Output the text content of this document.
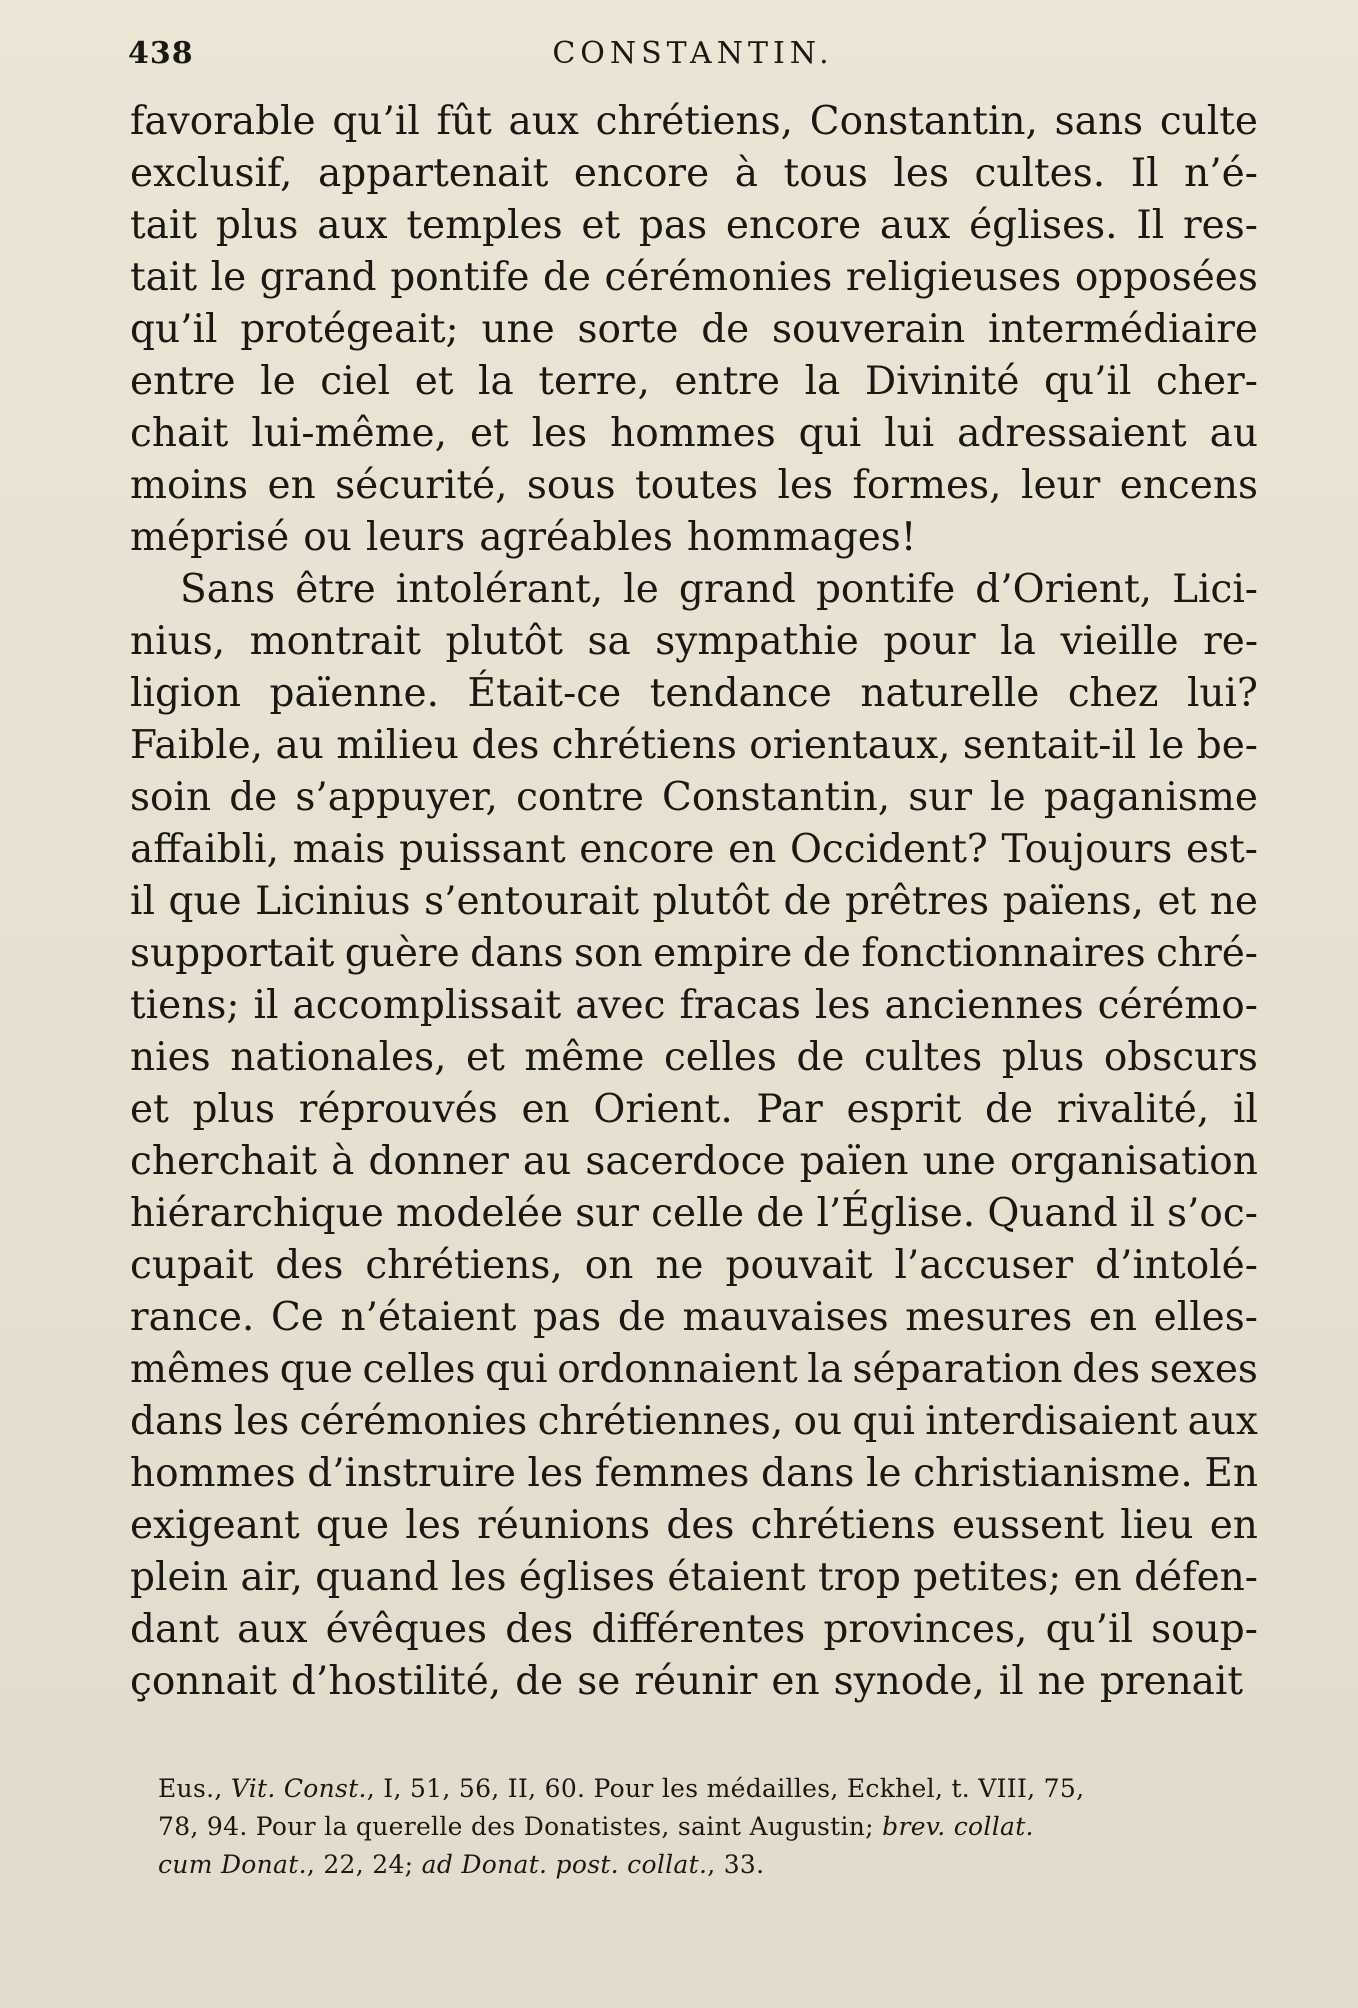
438	CONSTANTIN.
favorable qu’il fût aux chrétiens, Constantin, sans culte
exclusif, appartenait encore à tous les cultes. Il n’é-
tait plus aux temples et pas encore aux églises. Il res-
tait le grand pontife de cérémonies religieuses opposées
qu’il protégeait; une sorte de souverain intermédiaire
entre le ciel et la terre, entre la Divinité qu’il cher-
chait lui-même, et les hommes qui lui adressaient au
moins en sécurité, sous toutes les formes, leur encens
méprisé ou leurs agréables hommages!
Sans être intolérant, le grand pontife d’Orient, Lici-
nius, montrait plutôt sa sympathie pour la vieille re-
ligion païenne. Était-ce tendance naturelle chez lui?
Faible, au milieu des chrétiens orientaux, sentait-il le be-
soin de s’appuyer, contre Constantin, sur le paganisme
affaibli, mais puissant encore en Occident? Toujours est-
il que Licinius s’entourait plutôt de prêtres païens, et ne
supportait guère dans son empire de fonctionnaires chré-
tiens; il accomplissait avec fracas les anciennes cérémo-
nies nationales, et même celles de cultes plus obscurs
et plus réprouvés en Orient. Par esprit de rivalité, il
cherchait à donner au sacerdoce païen une organisation
hiérarchique modelée sur celle de l’Église. Quand il s’oc-
cupait des chrétiens, on ne pouvait l’accuser d’intolé-
rance. Ce n’étaient pas de mauvaises mesures en elles-
mêmes que celles qui ordonnaient la séparation des sexes
dans les cérémonies chrétiennes, ou qui interdisaient aux
hommes d’instruire les femmes dans le christianisme. En
exigeant que les réunions des chrétiens eussent lieu en
plein air, quand les églises étaient trop petites; en défen-
dant aux évêques des différentes provinces, qu’il soup-
çonnait d’hostilité, de se réunir en synode, il ne prenait
Eus., Vit. Const., I, 51, 56, II, 60. Pour les médailles, Eckhel, t. VIII, 75,
78, 94. Pour la querelle des Donatistes, saint Augustin; brev. collat.
cum Donat., 22, 24; ad Donat. post. collat., 33.
